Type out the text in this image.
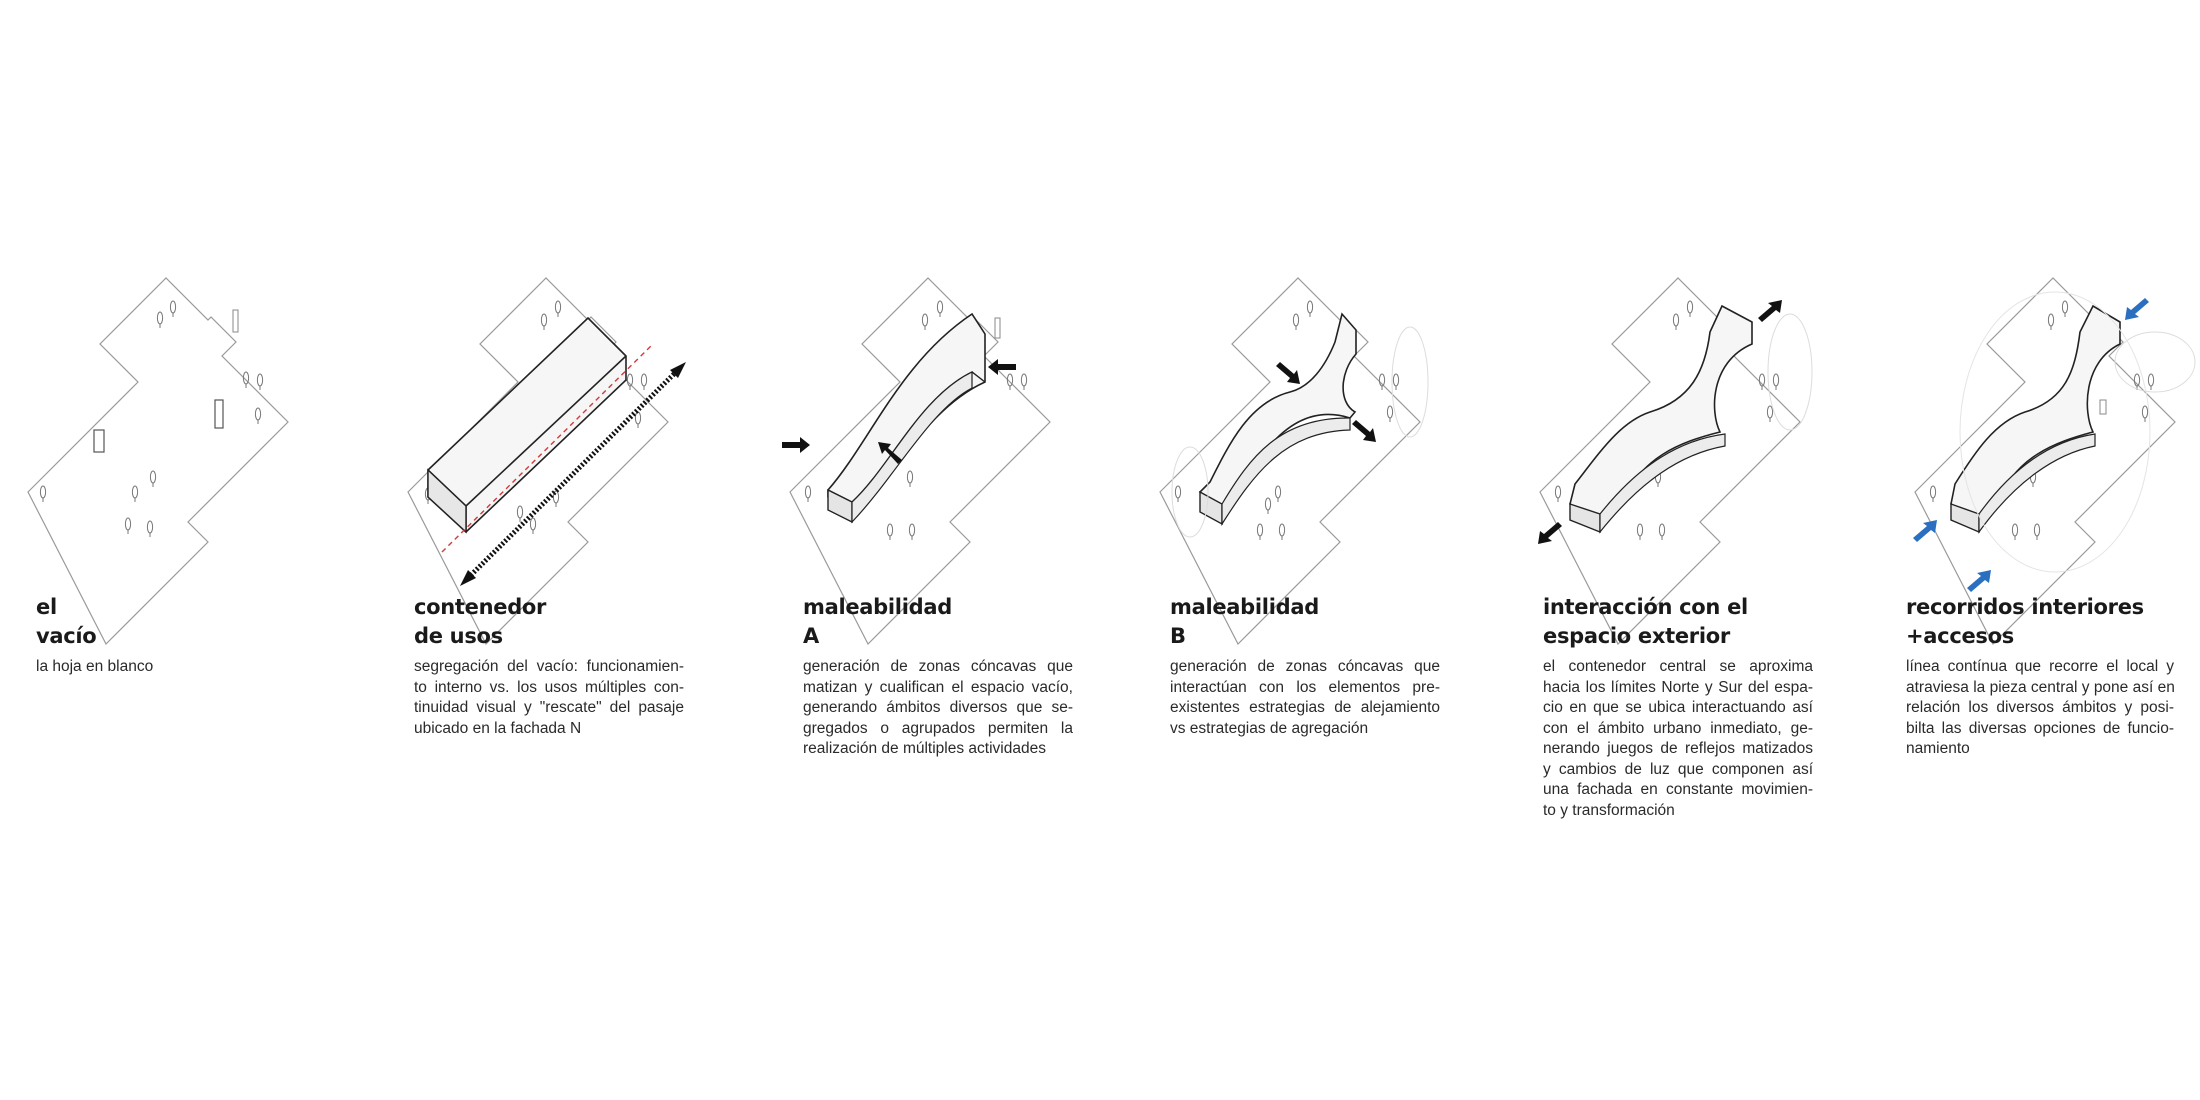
el
vacío
la hoja en blanco
contenedor
de usos
segregación del vacío: funcionamien-
to interno vs. los usos múltiples con-
tinuidad visual y "rescate" del pasaje
ubicado en la fachada N
maleabilidad
A
generación de zonas cóncavas que
matizan y cualifican el espacio vacío,
generando ámbitos diversos que se-
gregados o agrupados permiten la
realización de múltiples actividades
maleabilidad
B
generación de zonas cóncavas que
interactúan con los elementos pre-
existentes estrategias de alejamiento
vs estrategias de agregación
interacción con el
espacio exterior
el contenedor central se aproxima
hacia los límites Norte y Sur del espa-
cio en que se ubica interactuando así
con el ámbito urbano inmediato, ge-
nerando juegos de reflejos matizados
y cambios de luz que componen así
una fachada en constante movimien-
to y transformación
recorridos interiores
+accesos
línea contínua que recorre el local y
atraviesa la pieza central y pone así en
relación los diversos ámbitos y posi-
bilta las diversas opciones de funcio-
namiento
